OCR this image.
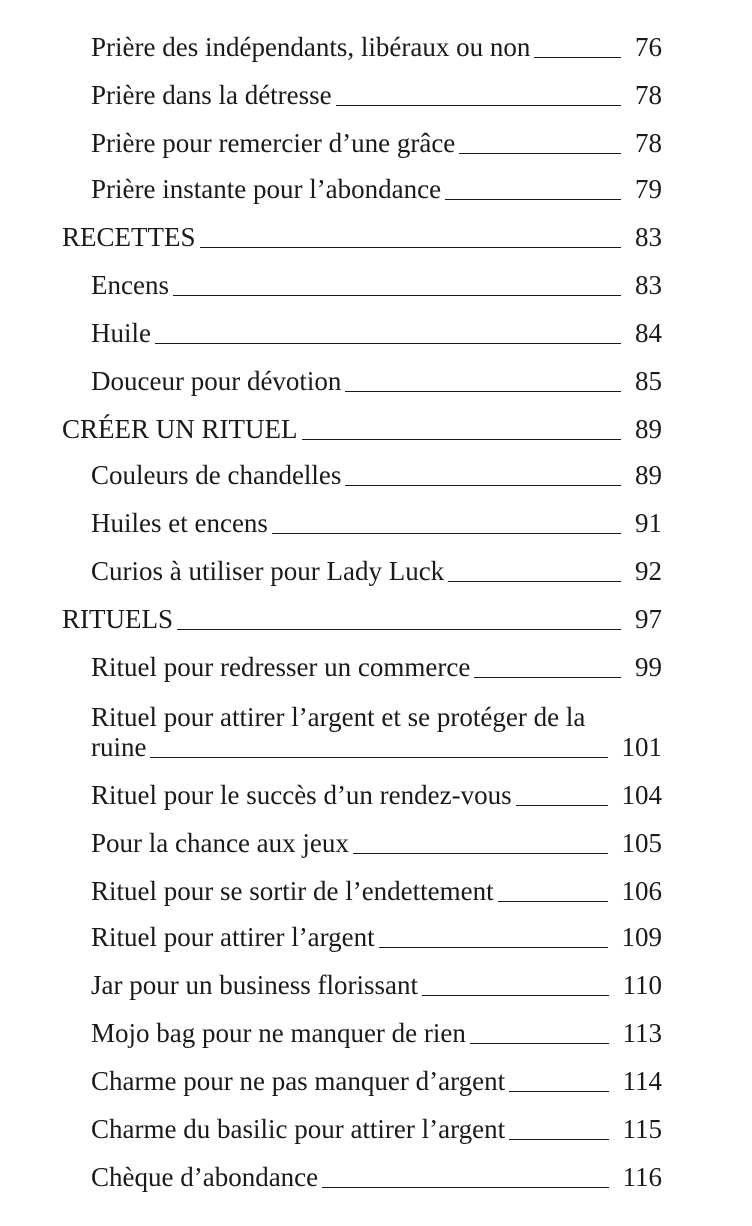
Prière des indépendants, libéraux ou non	76
Prière dans la détresse	78
Prière pour remercier d’une grâce	78
Prière instante pour l’abondance	79
RECETTES	83
Encens	83
Huile	84
Douceur pour dévotion	85
CRÉER UN RITUEL	89
Couleurs de chandelles	89
Huiles et encens	91
Curios à utiliser pour Lady Luck	92
RITUELS	97
Rituel pour redresser un commerce	99
Rituel pour attirer l’argent et se protéger de la
ruine	101
Rituel pour le succès d’un rendez-vous	104
Pour la chance aux jeux	105
Rituel pour se sortir de l’endettement	106
Rituel pour attirer l’argent	109
Jar pour un business florissant	110
Mojo bag pour ne manquer de rien	113
Charme pour ne pas manquer d’argent	114
Charme du basilic pour attirer l’argent	115
Chèque d’abondance	116
